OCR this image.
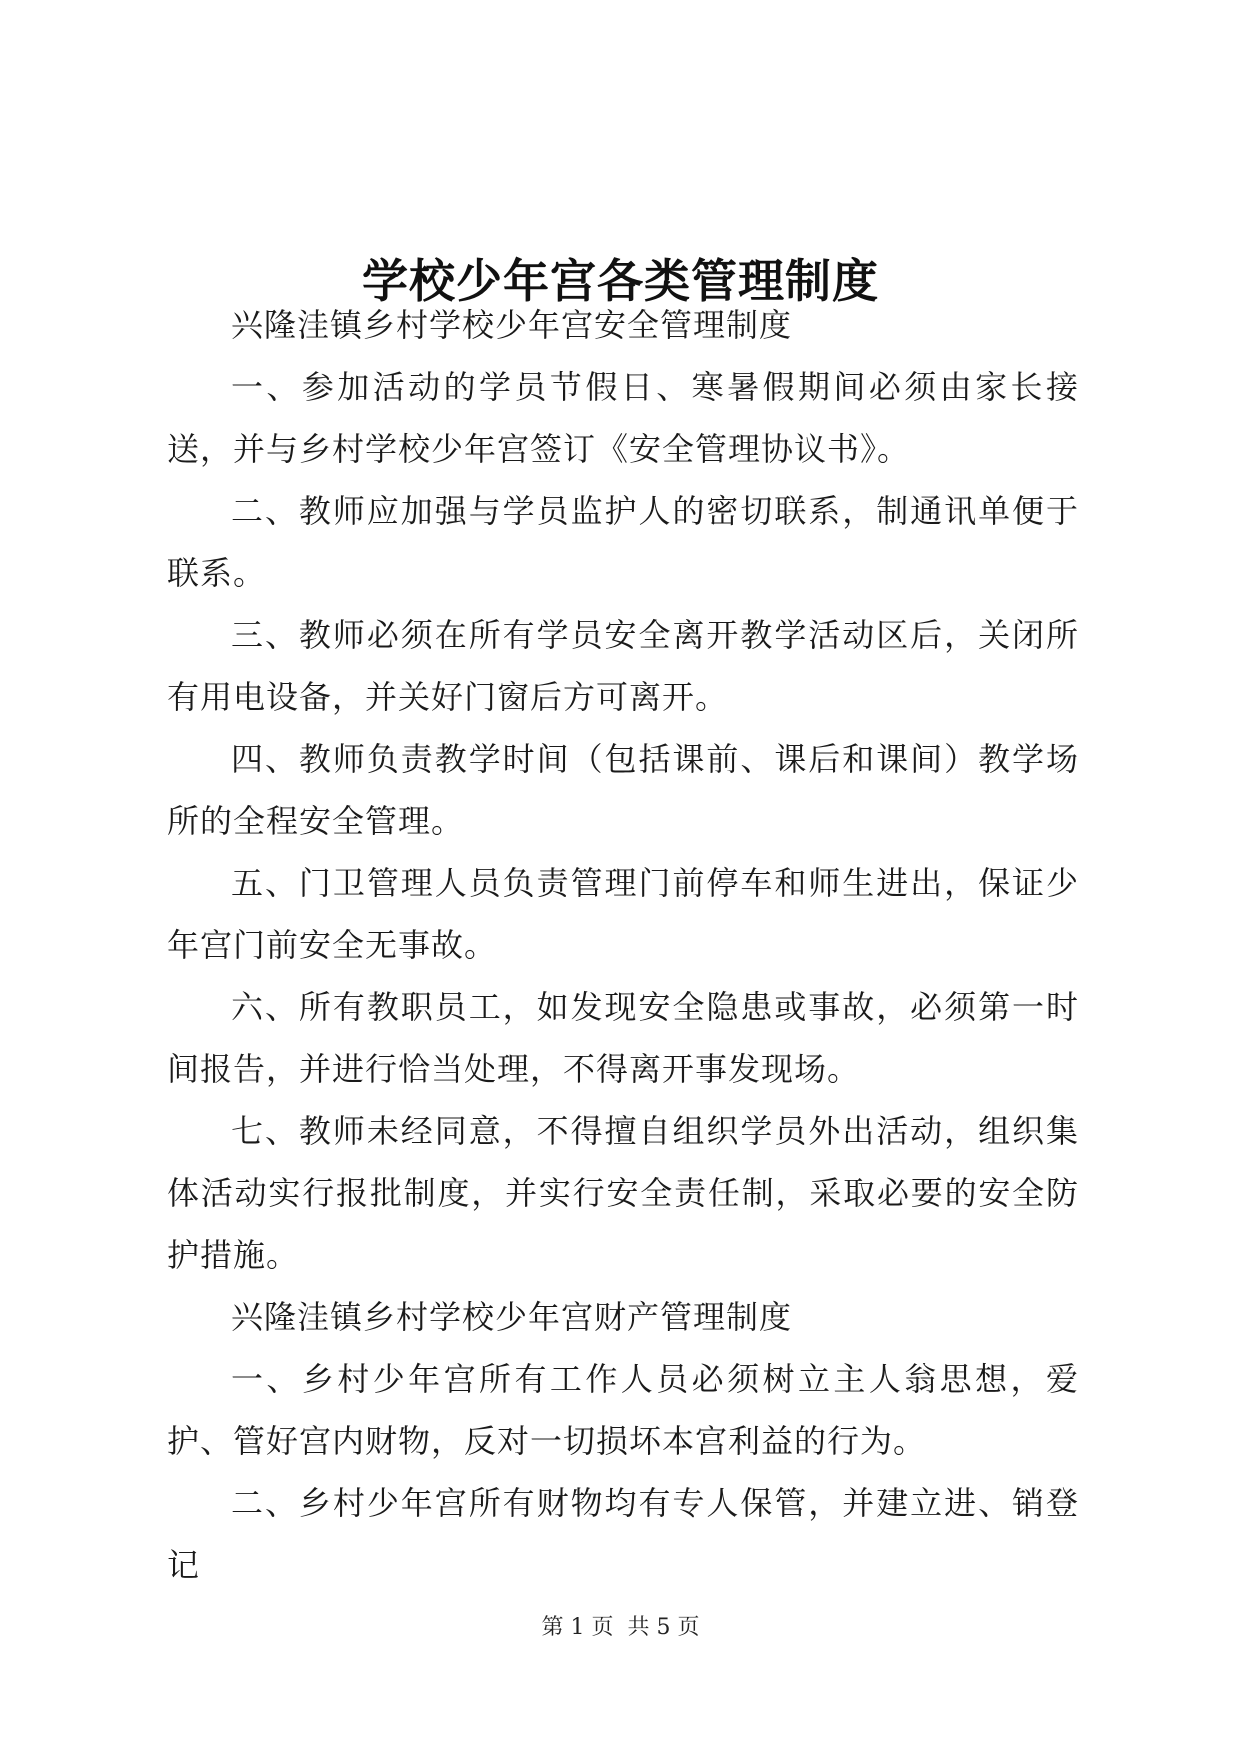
学校少年宫各类管理制度

兴隆洼镇乡村学校少年宫安全管理制度

一、参加活动的学员节假日、寒暑假期间必须由家长接送，并与乡村学校少年宫签订《安全管理协议书》。

二、教师应加强与学员监护人的密切联系，制通讯单便于联系。

三、教师必须在所有学员安全离开教学活动区后，关闭所有用电设备，并关好门窗后方可离开。

四、教师负责教学时间（包括课前、课后和课间）教学场所的全程安全管理。

五、门卫管理人员负责管理门前停车和师生进出，保证少年宫门前安全无事故。

六、所有教职员工，如发现安全隐患或事故，必须第一时间报告，并进行恰当处理，不得离开事发现场。

七、教师未经同意，不得擅自组织学员外出活动，组织集体活动实行报批制度，并实行安全责任制，采取必要的安全防护措施。

兴隆洼镇乡村学校少年宫财产管理制度

一、乡村少年宫所有工作人员必须树立主人翁思想，爱护、管好宫内财物，反对一切损坏本宫利益的行为。

二、乡村少年宫所有财物均有专人保管，并建立进、销登记

第 1 页  共 5 页
